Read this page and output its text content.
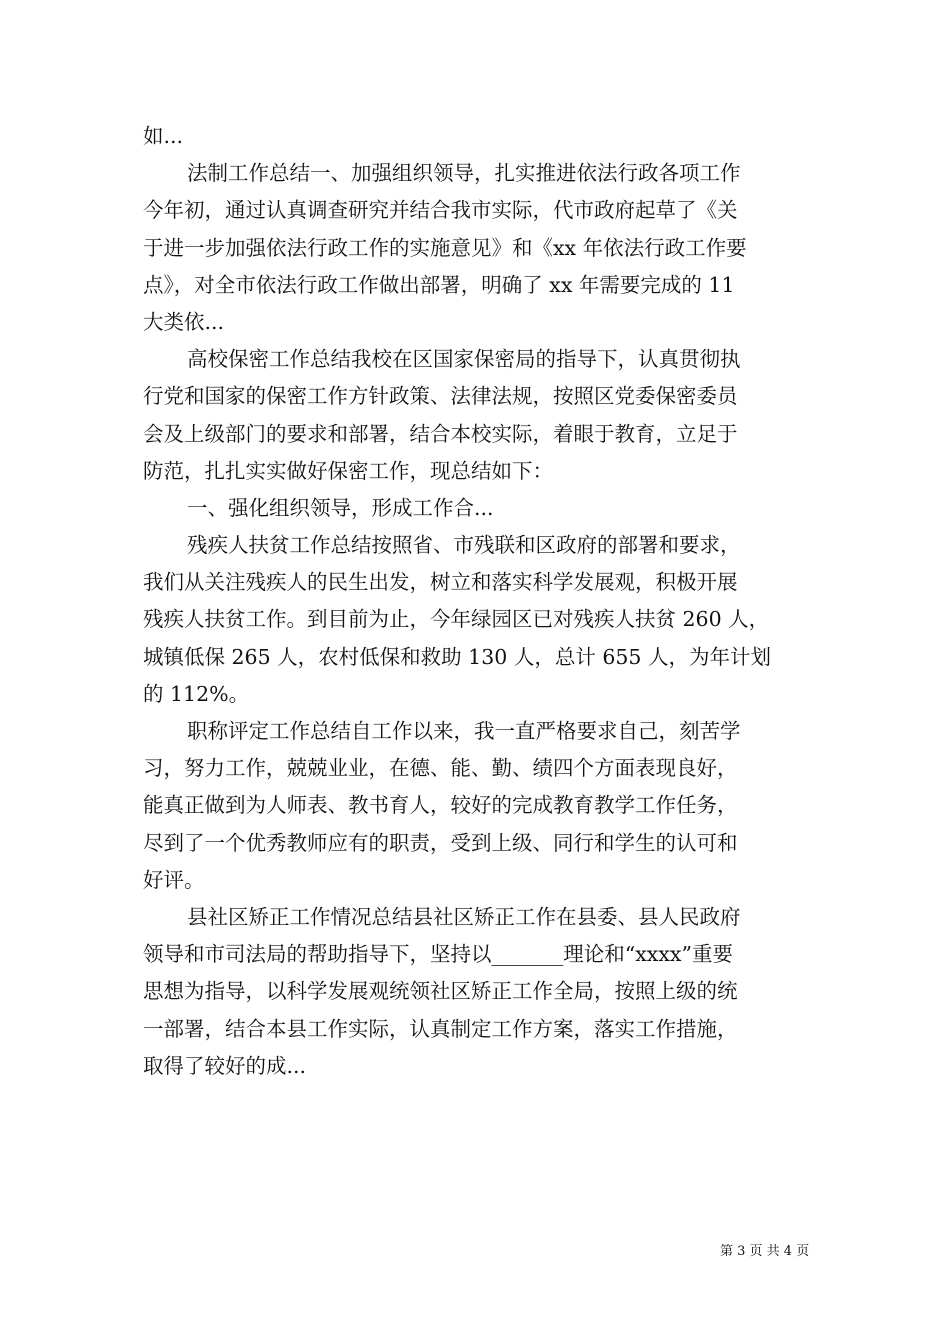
如...
法制工作总结一、加强组织领导，扎实推进依法行政各项工作
今年初，通过认真调查研究并结合我市实际，代市政府起草了《关
于进一步加强依法行政工作的实施意见》和《xx 年依法行政工作要
点》，对全市依法行政工作做出部署，明确了 xx 年需要完成的 11
大类依...
高校保密工作总结我校在区国家保密局的指导下，认真贯彻执
行党和国家的保密工作方针政策、法律法规，按照区党委保密委员
会及上级部门的要求和部署，结合本校实际，着眼于教育，立足于
防范，扎扎实实做好保密工作，现总结如下：
一、强化组织领导，形成工作合...
残疾人扶贫工作总结按照省、市残联和区政府的部署和要求，
我们从关注残疾人的民生出发，树立和落实科学发展观，积极开展
残疾人扶贫工作。到目前为止，今年绿园区已对残疾人扶贫 260 人，
城镇低保 265 人，农村低保和救助 130 人，总计 655 人，为年计划
的 112%。
职称评定工作总结自工作以来，我一直严格要求自己，刻苦学
习，努力工作，兢兢业业，在德、能、勤、绩四个方面表现良好，
能真正做到为人师表、教书育人，较好的完成教育教学工作任务，
尽到了一个优秀教师应有的职责，受到上级、同行和学生的认可和
好评。
县社区矫正工作情况总结县社区矫正工作在县委、县人民政府
领导和市司法局的帮助指导下，坚持以_______理论和“xxxx”重要
思想为指导，以科学发展观统领社区矫正工作全局，按照上级的统
一部署，结合本县工作实际，认真制定工作方案，落实工作措施，
取得了较好的成...
第 3 页 共 4 页
